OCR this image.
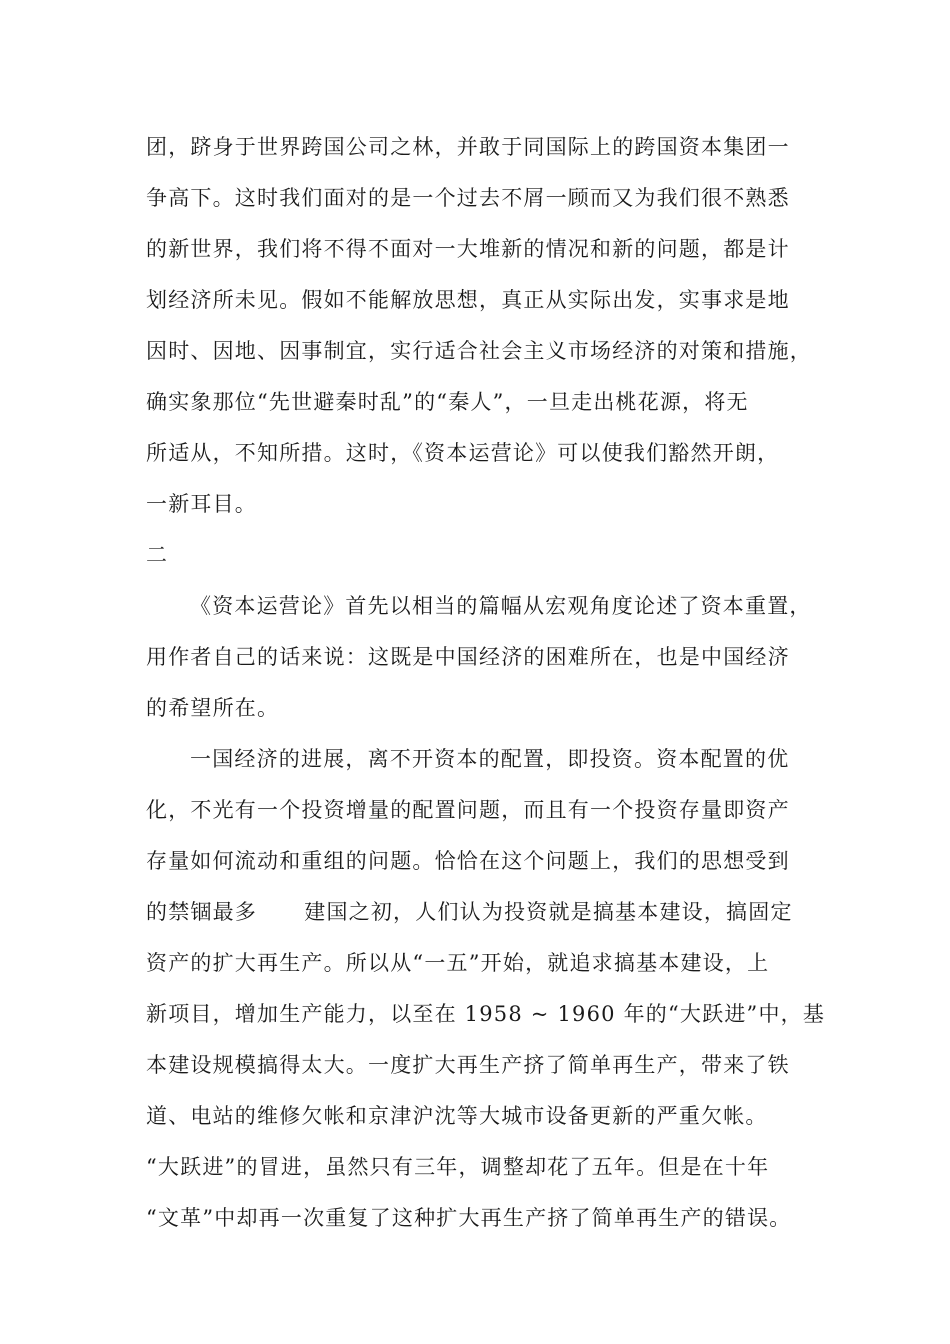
团，跻身于世界跨国公司之林，并敢于同国际上的跨国资本集团一
争高下。这时我们面对的是一个过去不屑一顾而又为我们很不熟悉
的新世界，我们将不得不面对一大堆新的情况和新的问题，都是计
划经济所未见。假如不能解放思想，真正从实际出发，实事求是地
因时、因地、因事制宜，实行适合社会主义市场经济的对策和措施，
确实象那位“先世避秦时乱”的“秦人”，一旦走出桃花源，将无
所适从，不知所措。这时，《资本运营论》可以使我们豁然开朗，
一新耳目。
二
《资本运营论》首先以相当的篇幅从宏观角度论述了资本重置，
用作者自己的话来说：这既是中国经济的困难所在，也是中国经济
的希望所在。
一国经济的进展，离不开资本的配置，即投资。资本配置的优
化，不光有一个投资增量的配置问题，而且有一个投资存量即资产
存量如何流动和重组的问题。恰恰在这个问题上，我们的思想受到
的禁锢最多      建国之初，人们认为投资就是搞基本建设，搞固定
资产的扩大再生产。所以从“一五”开始，就追求搞基本建设，上
新项目，增加生产能力，以至在 1958 ~ 1960 年的“大跃进”中，基
本建设规模搞得太大。一度扩大再生产挤了简单再生产，带来了铁
道、电站的维修欠帐和京津沪沈等大城市设备更新的严重欠帐。
“大跃进”的冒进，虽然只有三年，调整却花了五年。但是在十年
“文革”中却再一次重复了这种扩大再生产挤了简单再生产的错误。
